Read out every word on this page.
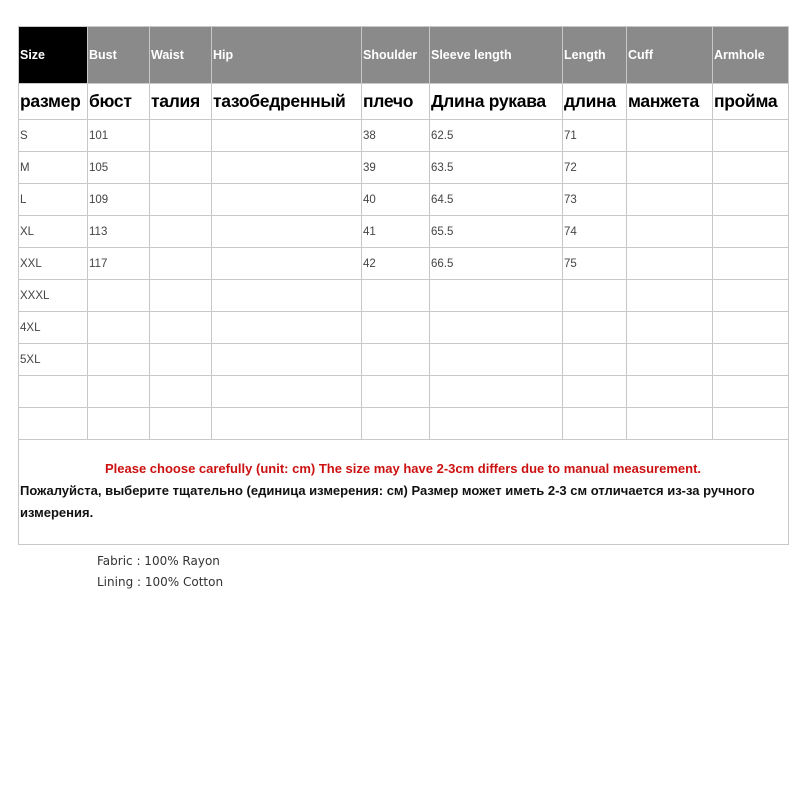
Size	Bust	Waist	Hip	Shoulder	Sleeve length	Length	Cuff	Armhole
размер	бюст	талия	тазобедренный	плечо	Длина рукава	длина	манжета	пройма
S	101			38	62.5	71		
M	105			39	63.5	72		
L	109			40	64.5	73		
XL	113			41	65.5	74		
XXL	117			42	66.5	75		
XXXL								
4XL								
5XL								

Please choose carefully (unit: cm) The size may have 2-3cm differs due to manual measurement.
Пожалуйста, выберите тщательно (единица измерения: см) Размер может иметь 2-3 см отличается из-за ручного измерения.								
Fabric : 100% Rayon
Lining : 100% Cotton
